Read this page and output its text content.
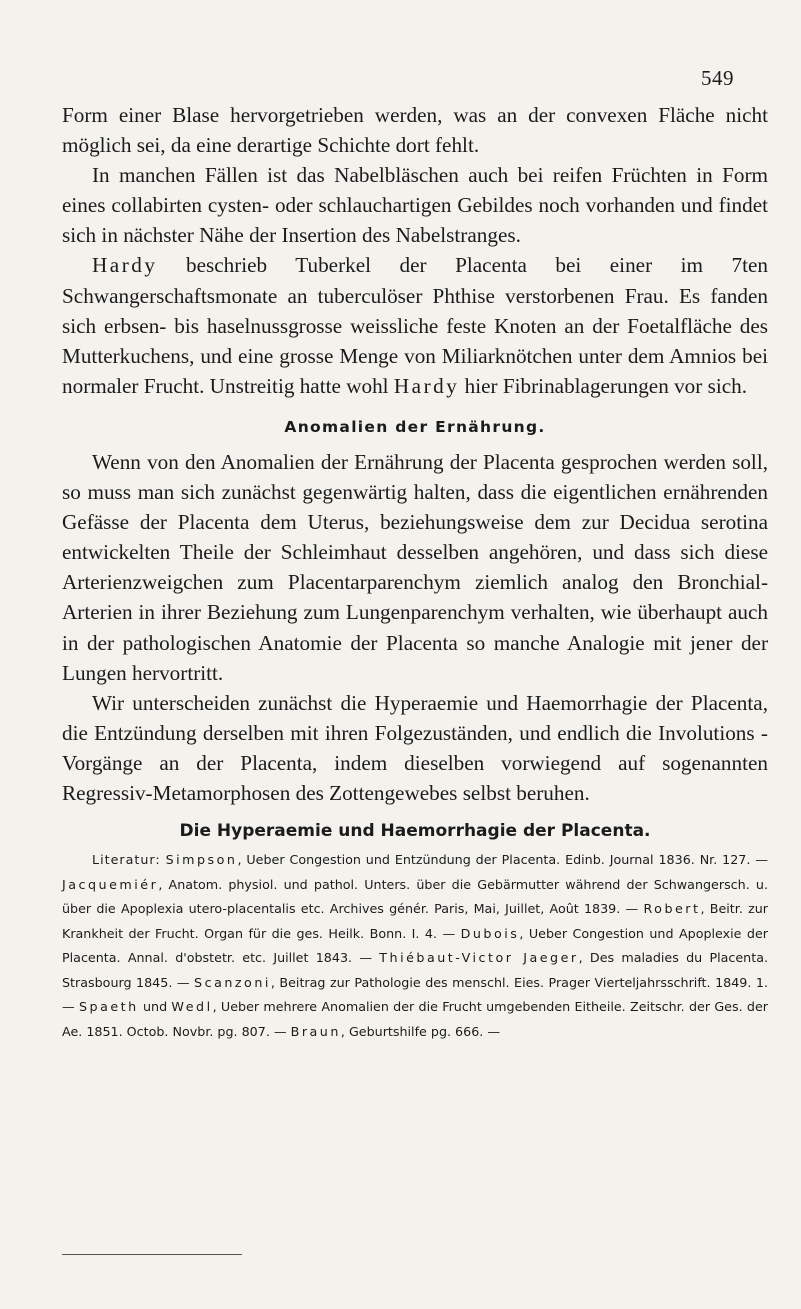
549

Form einer Blase hervorgetrieben werden, was an der convexen Fläche nicht möglich sei, da eine derartige Schichte dort fehlt.

In manchen Fällen ist das Nabelbläschen auch bei reifen Früchten in Form eines collabirten cysten- oder schlauchartigen Gebildes noch vorhanden und findet sich in nächster Nähe der Insertion des Nabelstranges.

Hardy beschrieb Tuberkel der Placenta bei einer im 7ten Schwangerschaftsmonate an tuberculöser Phthise verstorbenen Frau. Es fanden sich erbsen- bis haselnussgrosse weissliche feste Knoten an der Foetalfläche des Mutterkuchens, und eine grosse Menge von Miliarknötchen unter dem Amnios bei normaler Frucht. Unstreitig hatte wohl Hardy hier Fibrinablagerungen vor sich.

Anomalien der Ernährung.

Wenn von den Anomalien der Ernährung der Placenta gesprochen werden soll, so muss man sich zunächst gegenwärtig halten, dass die eigentlichen ernährenden Gefässe der Placenta dem Uterus, beziehungsweise dem zur Decidua serotina entwickelten Theile der Schleimhaut desselben angehören, und dass sich diese Arterienzweigchen zum Placentarparenchym ziemlich analog den Bronchial-Arterien in ihrer Beziehung zum Lungenparenchym verhalten, wie überhaupt auch in der pathologischen Anatomie der Placenta so manche Analogie mit jener der Lungen hervortritt.

Wir unterscheiden zunächst die Hyperaemie und Haemorrhagie der Placenta, die Entzündung derselben mit ihren Folgezuständen, und endlich die Involutions - Vorgänge an der Placenta, indem dieselben vorwiegend auf sogenannten Regressiv-Metamorphosen des Zottengewebes selbst beruhen.

Die Hyperaemie und Haemorrhagie der Placenta.

Literatur: Simpson, Ueber Congestion und Entzündung der Placenta. Edinb. Journal 1836. Nr. 127. — Jacquemiér, Anatom. physiol. und pathol. Unters. über die Gebärmutter während der Schwangersch. u. über die Apoplexia utero-placentalis etc. Archives génér. Paris, Mai, Juillet, Août 1839. — Robert, Beitr. zur Krankheit der Frucht. Organ für die ges. Heilk. Bonn. I. 4. — Dubois, Ueber Congestion und Apoplexie der Placenta. Annal. d'obstetr. etc. Juillet 1843. — Thiébaut-Victor Jaeger, Des maladies du Placenta. Strasbourg 1845. — Scanzoni, Beitrag zur Pathologie des menschl. Eies. Prager Vierteljahrsschrift. 1849. 1. — Spaeth und Wedl, Ueber mehrere Anomalien der die Frucht umgebenden Eitheile. Zeitschr. der Ges. der Ae. 1851. Octob. Novbr. pg. 807. — Braun, Geburtshilfe pg. 666. —
